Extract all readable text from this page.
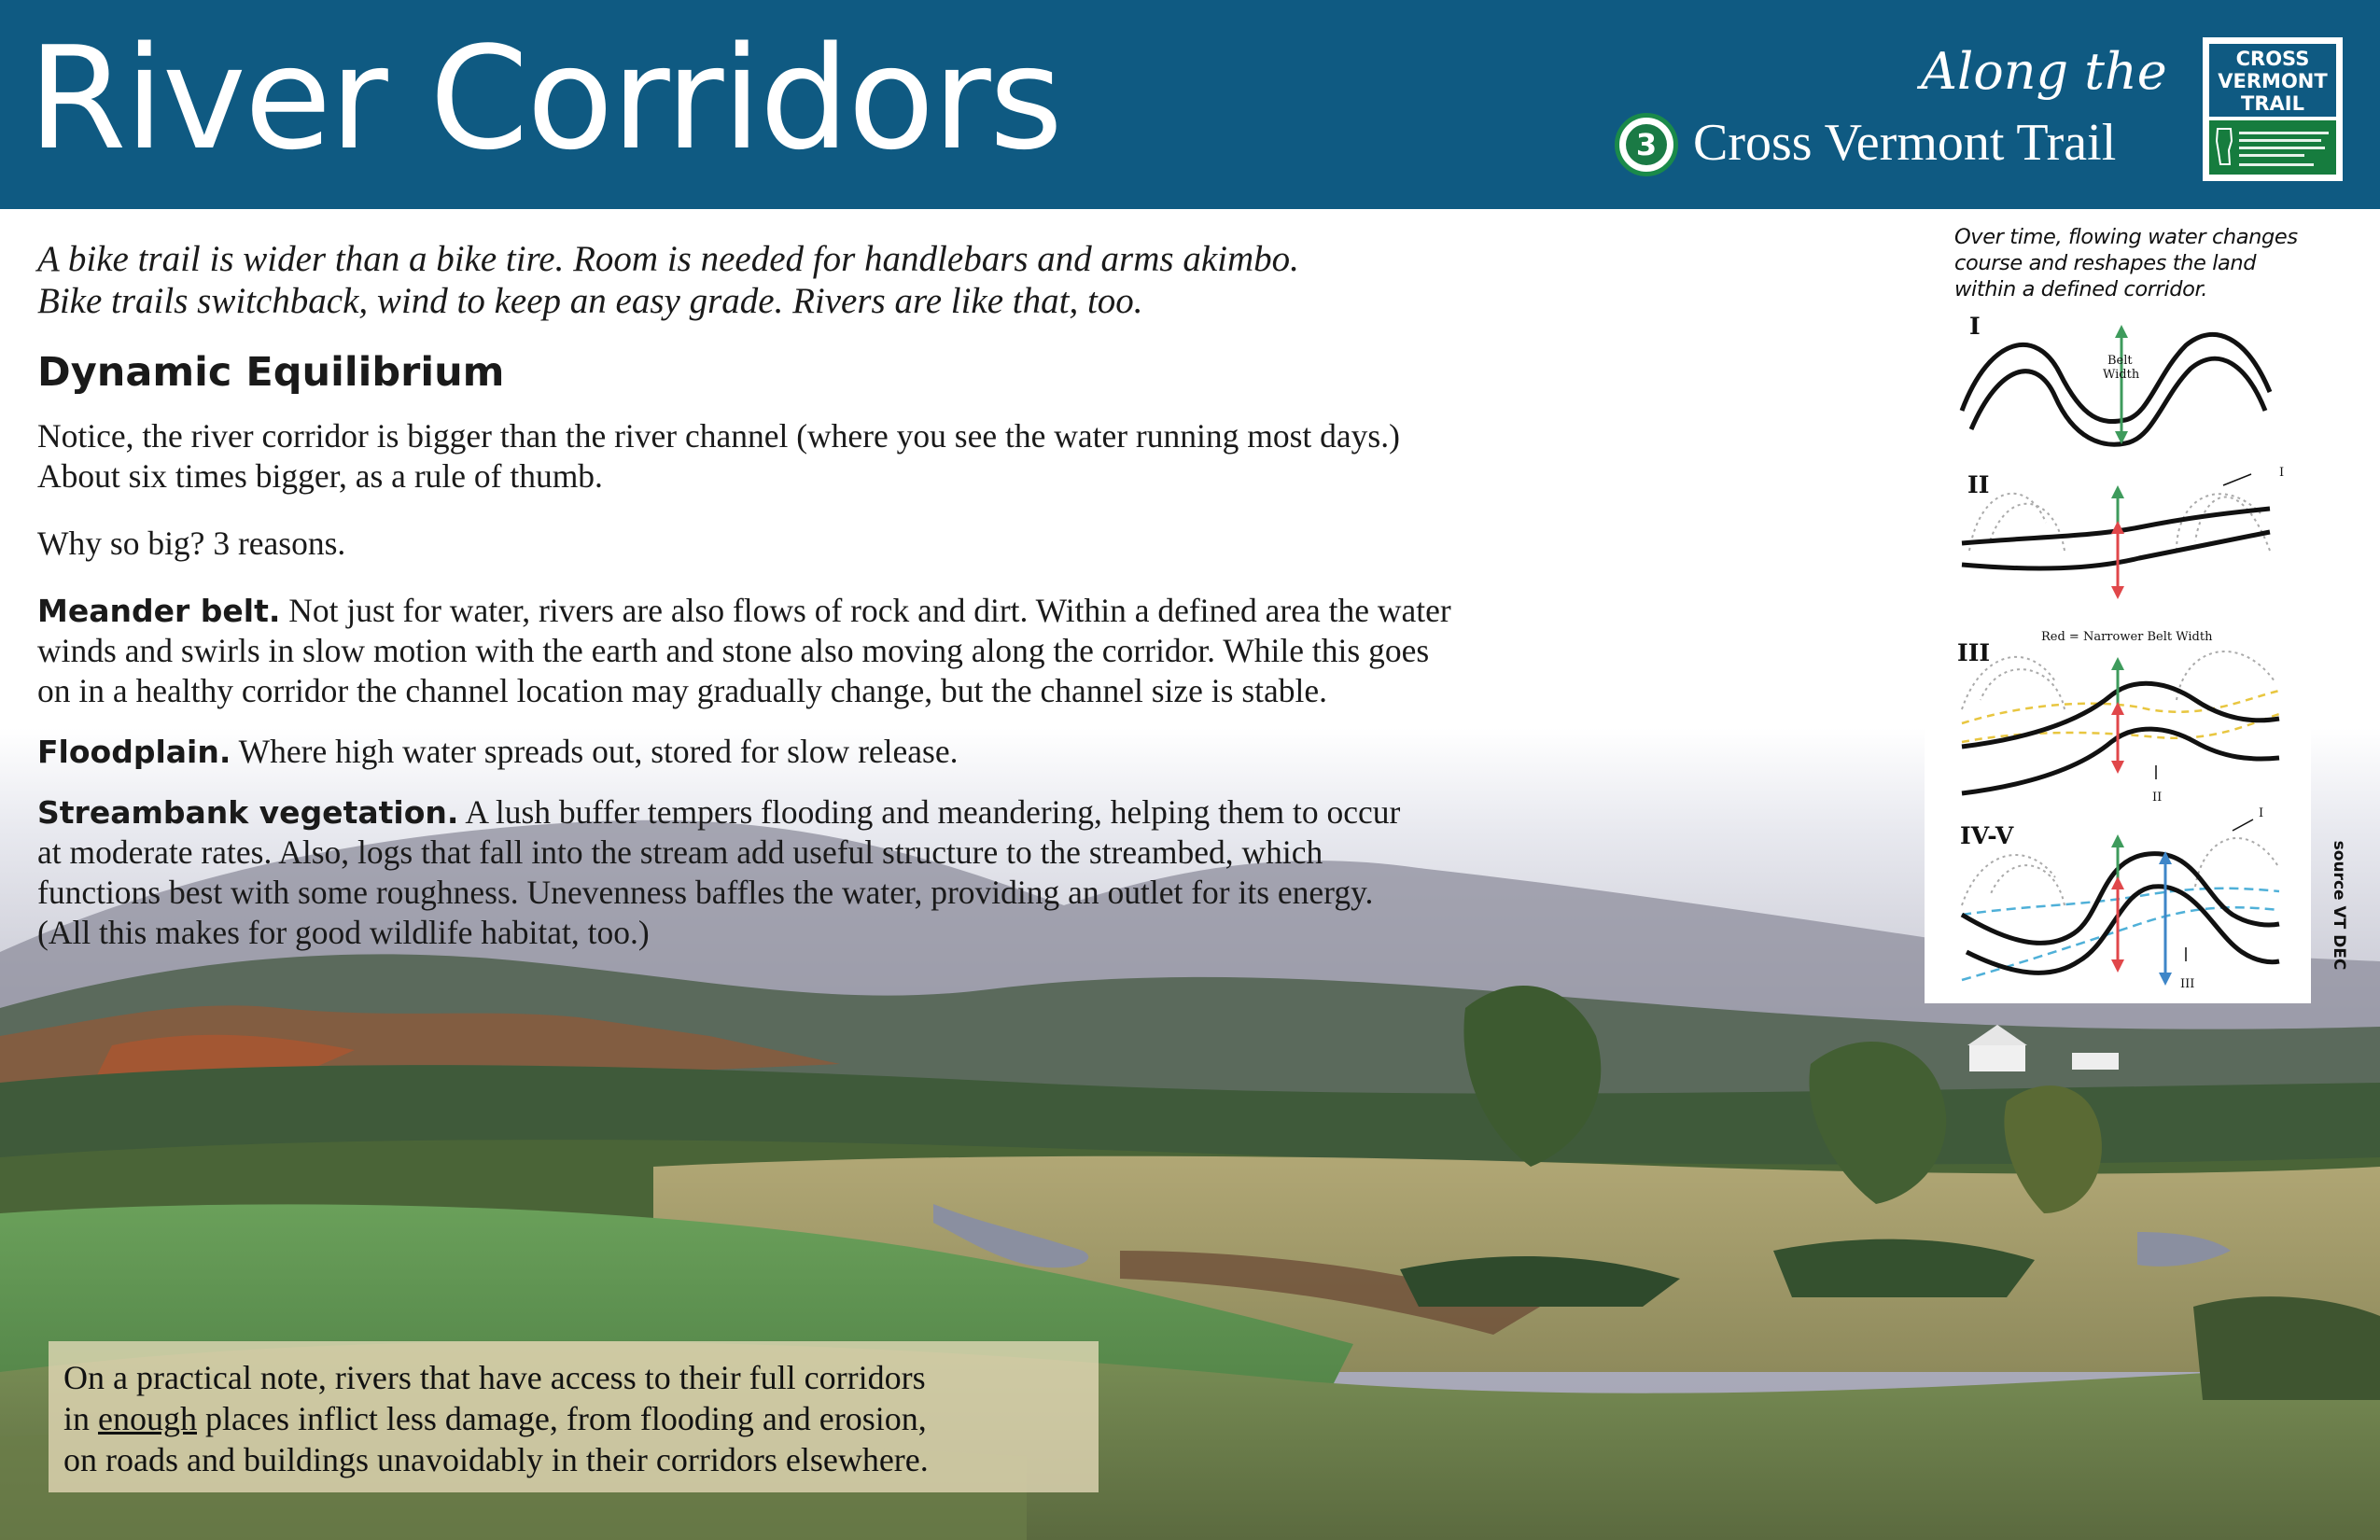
River Corridors	Along the
3 Cross Vermont Trail
CROSS
VERMONT
TRAIL
A bike trail is wider than a bike tire. Room is needed for handlebars and arms akimbo.
Bike trails switchback, wind to keep an easy grade. Rivers are like that, too.
Dynamic Equilibrium
Notice, the river corridor is bigger than the river channel (where you see the water running most days.)
About six times bigger, as a rule of thumb.
Why so big? 3 reasons.
Meander belt. Not just for water, rivers are also flows of rock and dirt. Within a defined area the water
winds and swirls in slow motion with the earth and stone also moving along the corridor. While this goes
on in a healthy corridor the channel location may gradually change, but the channel size is stable.
Floodplain. Where high water spreads out, stored for slow release.
Streambank vegetation. A lush buffer tempers flooding and meandering, helping them to occur
at moderate rates. Also, logs that fall into the stream add useful structure to the streambed, which
functions best with some roughness. Unevenness baffles the water, providing an outlet for its energy.
(All this makes for good wildlife habitat, too.)
On a practical note, rivers that have access to their full corridors
in enough places inflict less damage, from flooding and erosion,
on roads and buildings unavoidably in their corridors elsewhere.
Over time, flowing water changes
course and reshapes the land
within a defined corridor.
I
Belt
Width
II	I
Red = Narrower Belt Width
III
II
IV-V
I
III
source VT DEC
